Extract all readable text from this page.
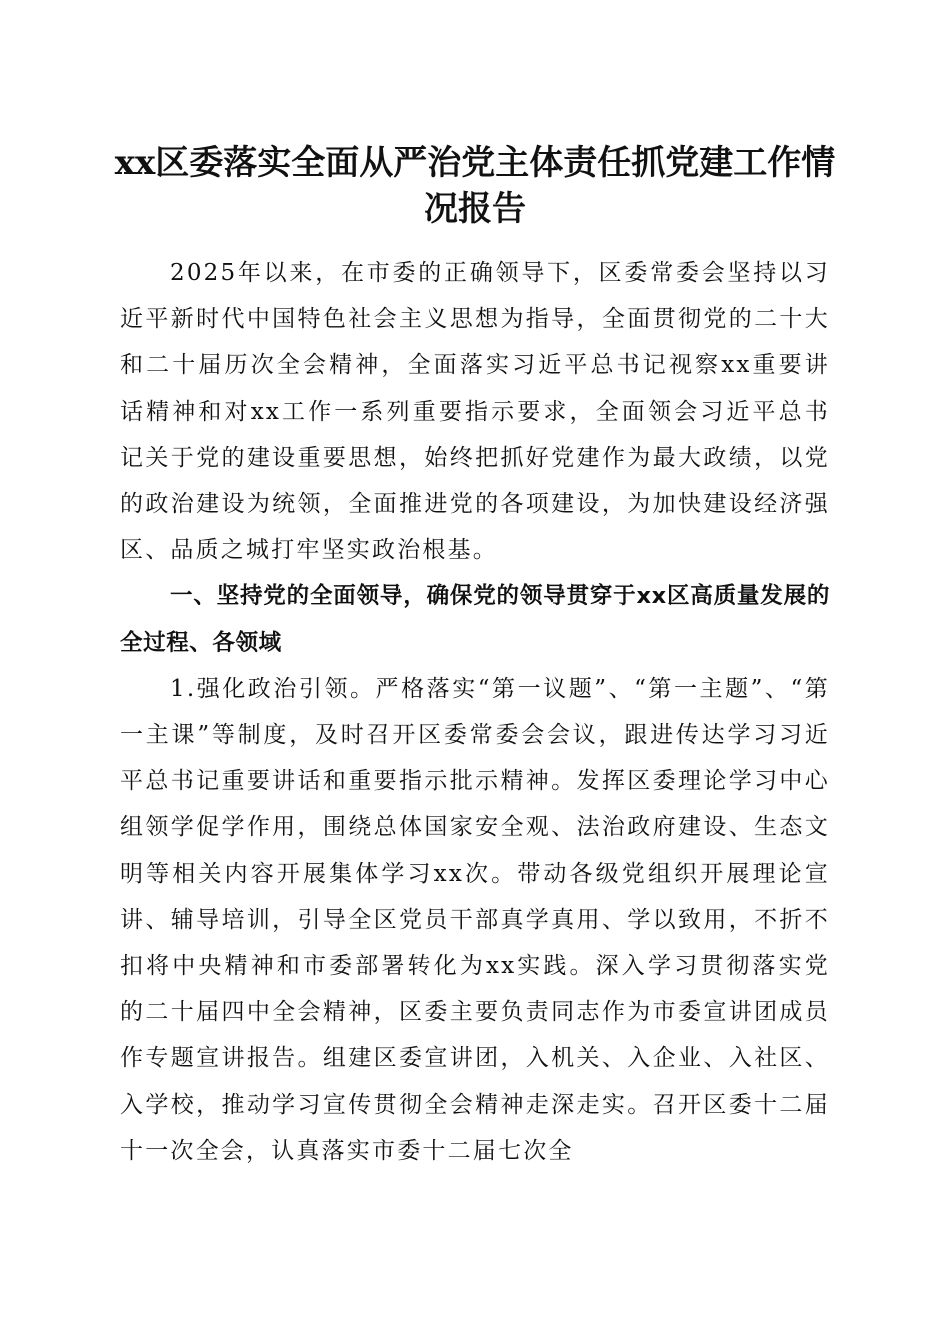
xx区委落实全面从严治党主体责任抓党建工作情况报告

2025年以来，在市委的正确领导下，区委常委会坚持以习近平新时代中国特色社会主义思想为指导，全面贯彻党的二十大和二十届历次全会精神，全面落实习近平总书记视察xx重要讲话精神和对xx工作一系列重要指示要求，全面领会习近平总书记关于党的建设重要思想，始终把抓好党建作为最大政绩，以党的政治建设为统领，全面推进党的各项建设，为加快建设经济强区、品质之城打牢坚实政治根基。

一、坚持党的全面领导，确保党的领导贯穿于xx区高质量发展的全过程、各领域

1.强化政治引领。严格落实“第一议题”、“第一主题”、“第一主课”等制度，及时召开区委常委会会议，跟进传达学习习近平总书记重要讲话和重要指示批示精神。发挥区委理论学习中心组领学促学作用，围绕总体国家安全观、法治政府建设、生态文明等相关内容开展集体学习xx次。带动各级党组织开展理论宣讲、辅导培训，引导全区党员干部真学真用、学以致用，不折不扣将中央精神和市委部署转化为xx实践。深入学习贯彻落实党的二十届四中全会精神，区委主要负责同志作为市委宣讲团成员作专题宣讲报告。组建区委宣讲团，入机关、入企业、入社区、入学校，推动学习宣传贯彻全会精神走深走实。召开区委十二届十一次全会，认真落实市委十二届七次全
